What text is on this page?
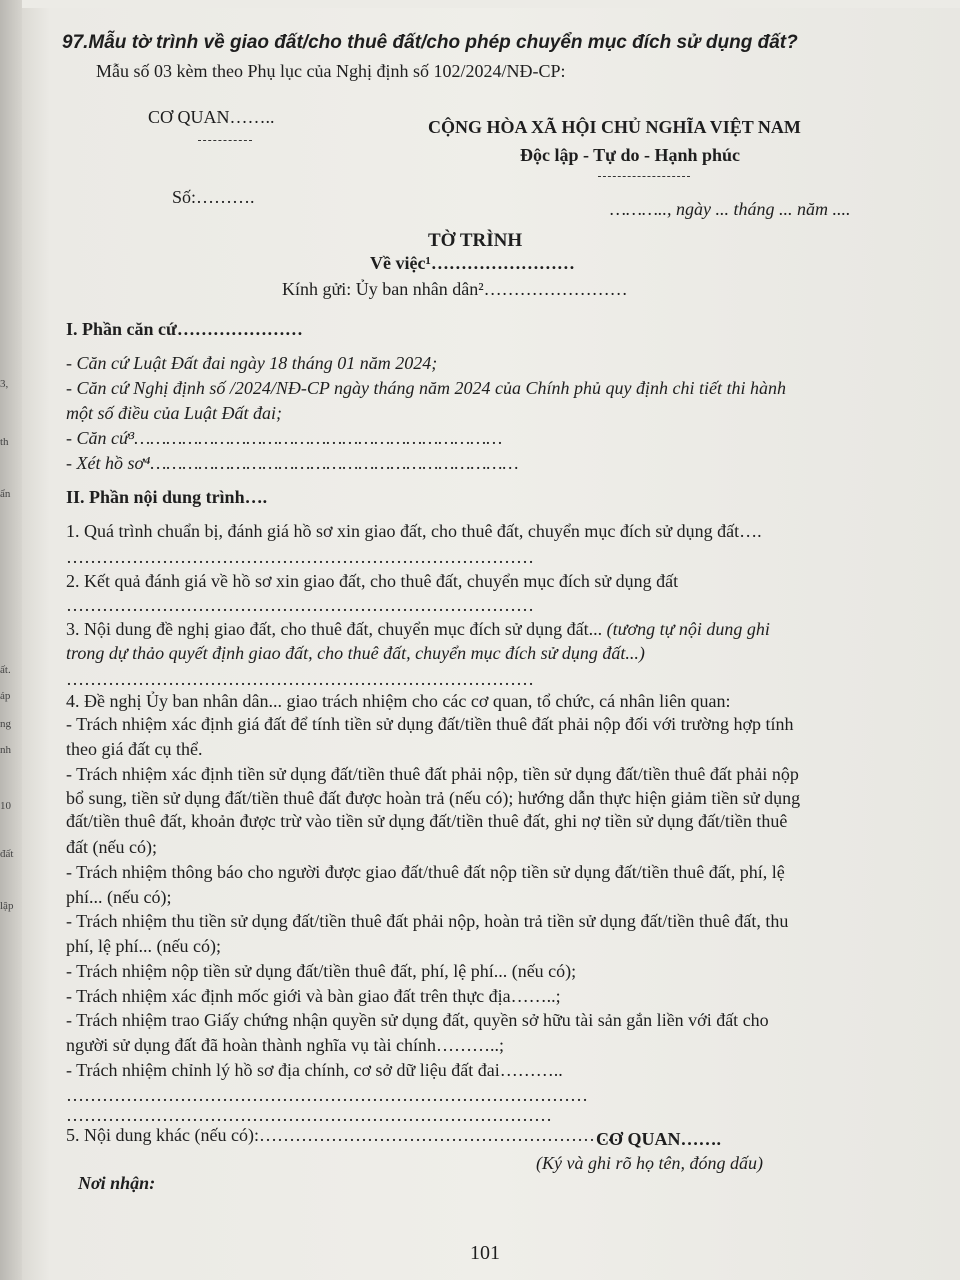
3,
th
ẩn
ất.
áp
ng
nh
10
đất
lập
97.Mẫu tờ trình về giao đất/cho thuê đất/cho phép chuyển mục đích sử dụng đất?
Mẫu số 03 kèm theo Phụ lục của Nghị định số 102/2024/NĐ-CP:
CƠ QUAN……..	CỘNG HÒA XÃ HỘI CHỦ NGHĨA VIỆT NAM
Độc lập - Tự do - Hạnh phúc
Số:……….
……….., ngày ... tháng ... năm ....
TỜ TRÌNH
Về việc¹……………………
Kính gửi: Ủy ban nhân dân²……………………
I. Phần căn cứ…………………
- Căn cứ Luật Đất đai ngày 18 tháng 01 năm 2024;
- Căn cứ Nghị định số /2024/NĐ-CP ngày tháng năm 2024 của Chính phủ quy định chi tiết thi hành
một số điều của Luật Đất đai;
- Căn cứ³……………………………………………………………
- Xét hồ sơ⁴……………………………………………………………
II. Phần nội dung trình….
1. Quá trình chuẩn bị, đánh giá hồ sơ xin giao đất, cho thuê đất, chuyển mục đích sử dụng đất….
……………………………………………………………………
2. Kết quả đánh giá về hồ sơ xin giao đất, cho thuê đất, chuyển mục đích sử dụng đất
……………………………………………………………………
3. Nội dung đề nghị giao đất, cho thuê đất, chuyển mục đích sử dụng đất... (tương tự nội dung ghi
trong dự thảo quyết định giao đất, cho thuê đất, chuyển mục đích sử dụng đất...)
……………………………………………………………………
4. Đề nghị Ủy ban nhân dân... giao trách nhiệm cho các cơ quan, tổ chức, cá nhân liên quan:
- Trách nhiệm xác định giá đất để tính tiền sử dụng đất/tiền thuê đất phải nộp đối với trường hợp tính
theo giá đất cụ thể.
- Trách nhiệm xác định tiền sử dụng đất/tiền thuê đất phải nộp, tiền sử dụng đất/tiền thuê đất phải nộp
bổ sung, tiền sử dụng đất/tiền thuê đất được hoàn trả (nếu có); hướng dẫn thực hiện giảm tiền sử dụng
đất/tiền thuê đất, khoản được trừ vào tiền sử dụng đất/tiền thuê đất, ghi nợ tiền sử dụng đất/tiền thuê
đất (nếu có);
- Trách nhiệm thông báo cho người được giao đất/thuê đất nộp tiền sử dụng đất/tiền thuê đất, phí, lệ
phí... (nếu có);
- Trách nhiệm thu tiền sử dụng đất/tiền thuê đất phải nộp, hoàn trả tiền sử dụng đất/tiền thuê đất, thu
phí, lệ phí... (nếu có);
- Trách nhiệm nộp tiền sử dụng đất/tiền thuê đất, phí, lệ phí... (nếu có);
- Trách nhiệm xác định mốc giới và bàn giao đất trên thực địa……..;
- Trách nhiệm trao Giấy chứng nhận quyền sử dụng đất, quyền sở hữu tài sản gắn liền với đất cho
người sử dụng đất đã hoàn thành nghĩa vụ tài chính………..;
- Trách nhiệm chỉnh lý hồ sơ địa chính, cơ sở dữ liệu đất đai………..
……………………………………………………………………………
………………………………………………………………………
5. Nội dung khác (nếu có):……………………………………………………
CƠ QUAN…….
(Ký và ghi rõ họ tên, đóng dấu)
Nơi nhận:
101
